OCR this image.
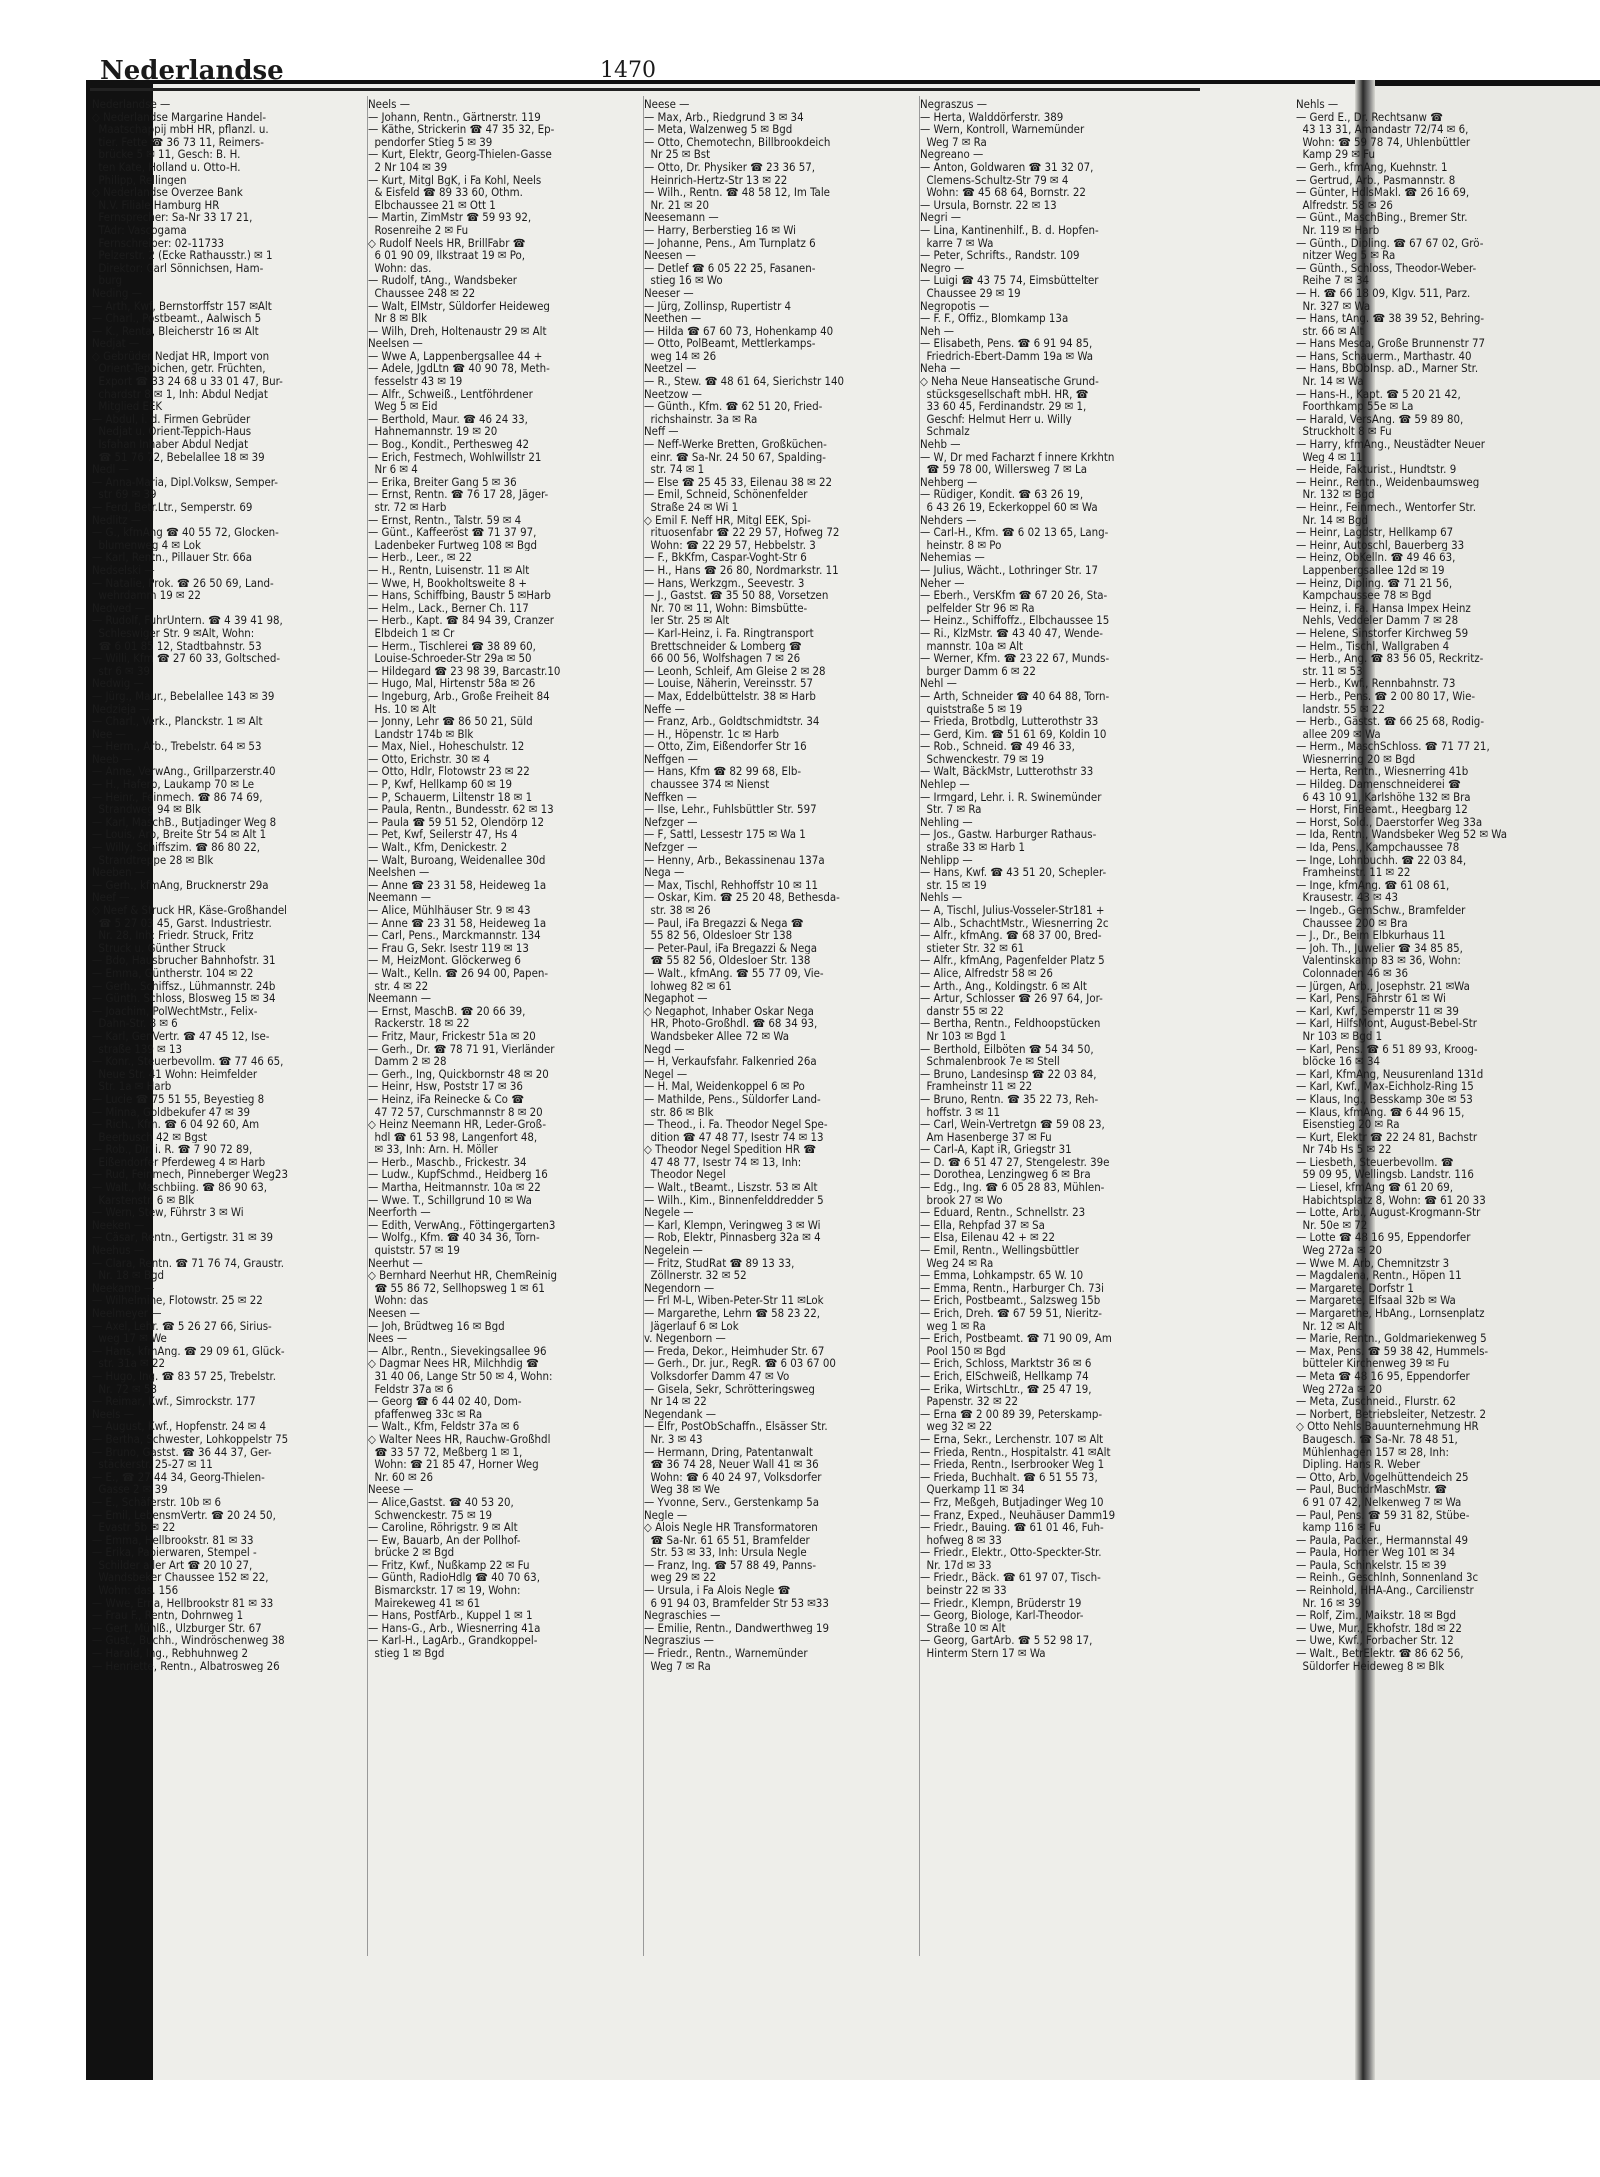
Nederlandse	1470
Nederlandse —
◇ Nederlandse Margarine Handel-
Maatschappij mbH HR, pflanzl. u.
tier. Fette ☎ 36 73 11, Reimers-
brücke 5 ✉ 11, Gesch: B. H.
ten Kate, Holland u. Otto-H.
Philipp, Rellingen
◇ Nederlandse Overzee Bank
N.V. Filiale Hamburg HR
Fernsprecher: Sa-Nr 33 17 21,
TAdr: Vascogama
Fernschreiber: 02-11733
Pelzerstr. 2 (Ecke Rathausstr.) ✉ 1
Direktor: Carl Sönnichsen, Ham-
burg
Neding —
— Arth, Kwf, Bernstorffstr 157 ✉Alt
— Charl., Postbeamt., Aalwisch 5
— K., Renta, Bleicherstr 16 ✉ Alt
Nedjat —
◇ Gebrüder Nedjat HR, Import von
Orient-Teppichen, getr. Früchten,
Export ☎ 33 24 68 u 33 01 47, Bur-
chardstr 8 ✉ 1, Inh: Abdul Nedjat
Mitglied EEK
— Abdul, i. d. Firmen Gebrüder
Nedjat u. Orient-Teppich-Haus
Isfahan Inhaber Abdul Nedjat
☎ 51 76 72, Bebelallee 18 ✉ 39
Nedl —
— Anna-Maria, Dipl.Volksw, Semper-
str 69 ✉ 39
— Ferd, Betr.Ltr., Semperstr. 69
Nedlitz —
— G., kfmAng ☎ 40 55 72, Glocken-
blumenweg 4 ✉ Lok
— Karl, Rentn., Pillauer Str. 66a
Nedselski —
— Natalie, Prok. ☎ 26 50 69, Land-
wehrdamm 19 ✉ 22
Nedved —
— Rudolf, FuhrUntern. ☎ 4 39 41 98,
Schleswiger Str. 9 ✉Alt, Wohn:
☎ 6 01 85 12, Stadtbahnstr. 53
— Willi, Kfm ☎ 27 60 33, Goltsched-
str 6 ✉ 39
Nedwig —
— Jürg., Maur., Bebelallee 143 ✉ 39
Nedzieja —
— Charl., Verk., Planckstr. 1 ✉ Alt
Nee —
— Herm., Arb., Trebelstr. 64 ✉ 53
Neeb —
— Anne, VerwAng., Grillparzerstr.40
— H., Haferb, Laukamp 70 ✉ Le
— Heinr., Feinmech. ☎ 86 74 69,
Strandweg 94 ✉ Blk
— Karl, MaschB., Butjadinger Weg 8
— Louis, Arb, Breite Str 54 ✉ Alt 1
— Willy, Schiffszim. ☎ 86 80 22,
Strandtreppe 28 ✉ Blk
Neeben —
— Gerh., kfmAng, Brucknerstr 29a
Neef —
◇ Neef & Struck HR, Käse-Großhandel
☎ 5 27 03 45, Garst. Industriestr.
Nr. 28, Inh: Friedr. Struck, Fritz
Struck u. Günther Struck
— Bdo, Hausbrucher Bahnhofstr. 31
— Emma, Güntherstr. 104 ✉ 22
— Gerh., Schiffsz., Lühmannstr. 24b
— Günth. Schloss, Blosweg 15 ✉ 34
— Joachim, PolWechtMstr., Felix-
Dahn-Str. 8 ✉ 6
— Karl, GenVertr. ☎ 47 45 12, Ise-
straße 139 ✉ 13
— Konr., Steuerbevollm. ☎ 77 46 65,
Neue Str. 41 Wohn: Heimfelder
Str. 1a ✉ Harb
— Lucie ☎ 75 51 55, Beyestieg 8
— Minna, Goldbekufer 47 ✉ 39
— Rich., Kfm. ☎ 6 04 92 60, Am
Beerbusch 42 ✉ Bgst
— Rob., Dir. i. R. ☎ 7 90 72 89,
Eißendorfer Pferdeweg 4 ✉ Harb
— Rud, Feinmech, Pinneberger Weg23
— Walt., Maschbiing. ☎ 86 90 63,
Karstenstr. 6 ✉ Blk
— Wern, Stew, Führstr 3 ✉ Wi
Neeken —
— Cäsar, Rentn., Gertigstr. 31 ✉ 39
Neehus —
— Clara, Rentn. ☎ 71 76 74, Graustr.
Nr. 18 ✉ Bgd
Neekamp —
— Wilhelmine, Flotowstr. 25 ✉ 22
Neelmeyer —
— Axel, Lehr. ☎ 5 26 27 66, Sirius-
weg 17 ✉ We
— Hans, kfmAng. ☎ 29 09 61, Glück-
str. 31a ✉ 22
— Hugo, Ing. ☎ 83 57 25, Trebelstr.
Nr. 72 ✉ 53
— Reimar, Kwf., Simrockstr. 177
Neels —
— August, Kwf., Hopfenstr. 24 ✉ 4
— Bertha, Schwester, Lohkoppelstr 75
— Bruno, Gastst. ☎ 36 44 37, Ger-
stäckerstr. 25-27 ✉ 11
— E., ☎ 27 44 34, Georg-Thielen-
Gasse 2 ✉ 39
— E., Schäferstr. 10b ✉ 6
— Emil, LebensmVertr. ☎ 20 24 50,
Evastr 5b ✉ 22
— Emma, Hellbrookstr. 81 ✉ 33
— Erika, Papierwaren, Stempel -
Schilder aller Art ☎ 20 10 27,
Wandsbeker Chaussee 152 ✉ 22,
Wohn: das. 156
— Wwe, Erna, Hellbrookstr 81 ✉ 33
— Frau F., Rentn, Dohrnweg 1
— Gert, Mühlß., Ulzburger Str. 67
— Gust., Buchh., Windröschenweg 38
— Harald, Ing., Rebhuhnweg 2
— Henriette, Rentn., Albatrosweg 26
Neels —
— Johann, Rentn., Gärtnerstr. 119
— Käthe, Strickerin ☎ 47 35 32, Ep-
pendorfer Stieg 5 ✉ 39
— Kurt, Elektr, Georg-Thielen-Gasse
2 Nr 104 ✉ 39
— Kurt, Mitgl BgK, i Fa Kohl, Neels
& Eisfeld ☎ 89 33 60, Othm.
Elbchaussee 21 ✉ Ott 1
— Martin, ZimMstr ☎ 59 93 92,
Rosenreihe 2 ✉ Fu
◇ Rudolf Neels HR, BrillFabr ☎
6 01 90 09, Ilkstraat 19 ✉ Po,
Wohn: das.
— Rudolf, tAng., Wandsbeker
Chaussee 248 ✉ 22
— Walt, ElMstr, Süldorfer Heideweg
Nr 8 ✉ Blk
— Wilh, Dreh, Holtenaustr 29 ✉ Alt
Neelsen —
— Wwe A, Lappenbergsallee 44 +
— Adele, JgdLtn ☎ 40 90 78, Meth-
fesselstr 43 ✉ 19
— Alfr., Schweiß., Lentföhrdener
Weg 5 ✉ Eid
— Berthold, Maur. ☎ 46 24 33,
Hahnemannstr. 19 ✉ 20
— Bog., Kondit., Perthesweg 42
— Erich, Festmech, Wohlwillstr 21
Nr 6 ✉ 4
— Erika, Breiter Gang 5 ✉ 36
— Ernst, Rentn. ☎ 76 17 28, Jäger-
str. 72 ✉ Harb
— Ernst, Rentn., Talstr. 59 ✉ 4
— Günt., Kaffeeröst ☎ 71 37 97,
Ladenbeker Furtweg 108 ✉ Bgd
— Herb., Leer., ✉ 22
— H., Rentn, Luisenstr. 11 ✉ Alt
— Wwe, H, Bookholtsweite 8 +
— Hans, Schiffbing, Baustr 5 ✉Harb
— Helm., Lack., Berner Ch. 117
— Herb., Kapt. ☎ 84 94 39, Cranzer
Elbdeich 1 ✉ Cr
— Herm., Tischlerei ☎ 38 89 60,
Louise-Schroeder-Str 29a ✉ 50
— Hildegard ☎ 23 98 39, Barcastr.10
— Hugo, Mal, Hirtenstr 58a ✉ 26
— Ingeburg, Arb., Große Freiheit 84
Hs. 10 ✉ Alt
— Jonny, Lehr ☎ 86 50 21, Süld
Landstr 174b ✉ Blk
— Max, Niel., Hoheschulstr. 12
— Otto, Erichstr. 30 ✉ 4
— Otto, Hdlr, Flotowstr 23 ✉ 22
— P, Kwf, Hellkamp 60 ✉ 19
— P, Schauerm, Liltenstr 18 ✉ 1
— Paula, Rentn., Bundesstr. 62 ✉ 13
— Paula ☎ 59 51 52, Olendörp 12
— Pet, Kwf, Seilerstr 47, Hs 4
— Walt., Kfm, Denickestr. 2
— Walt, Buroang, Weidenallee 30d
Neelshen —
— Anne ☎ 23 31 58, Heideweg 1a
Neemann —
— Alice, Mühlhäuser Str. 9 ✉ 43
— Anne ☎ 23 31 58, Heideweg 1a
— Carl, Pens., Marckmannstr. 134
— Frau G, Sekr. Isestr 119 ✉ 13
— M, HeizMont. Glöckerweg 6
— Walt., Kelln. ☎ 26 94 00, Papen-
str. 4 ✉ 22
Neemann —
— Ernst, MaschB. ☎ 20 66 39,
Rackerstr. 18 ✉ 22
— Fritz, Maur, Frickestr 51a ✉ 20
— Gerh., Dr. ☎ 78 71 91, Vierländer
Damm 2 ✉ 28
— Gerh., Ing, Quickbornstr 48 ✉ 20
— Heinr, Hsw, Poststr 17 ✉ 36
— Heinz, iFa Reinecke & Co ☎
47 72 57, Curschmannstr 8 ✉ 20
◇ Heinz Neemann HR, Leder-Groß-
hdl ☎ 61 53 98, Langenfort 48,
✉ 33, Inh: Arn. H. Möller
— Herb., Maschb., Frickestr. 34
— Ludw., KupfSchmd., Heidberg 16
— Martha, Heitmannstr. 10a ✉ 22
— Wwe. T., Schillgrund 10 ✉ Wa
Neerforth —
— Edith, VerwAng., Föttingergarten3
— Wolfg., Kfm. ☎ 40 34 36, Torn-
quiststr. 57 ✉ 19
Neerhut —
◇ Bernhard Neerhut HR, ChemReinig
☎ 55 86 72, Sellhopsweg 1 ✉ 61
Wohn: das
Neesen —
— Joh, Brüdtweg 16 ✉ Bgd
Nees —
— Albr., Rentn., Sievekingsallee 96
◇ Dagmar Nees HR, Milchhdig ☎
31 40 06, Lange Str 50 ✉ 4, Wohn:
Feldstr 37a ✉ 6
— Georg ☎ 6 44 02 40, Dom-
pfaffenweg 33c ✉ Ra
— Walt., Kfm, Feldstr 37a ✉ 6
◇ Walter Nees HR, Rauchw-Großhdl
☎ 33 57 72, Meßberg 1 ✉ 1,
Wohn: ☎ 21 85 47, Horner Weg
Nr. 60 ✉ 26
Neese —
— Alice,Gastst. ☎ 40 53 20,
Schwenckestr. 75 ✉ 19
— Caroline, Röhrigstr. 9 ✉ Alt
— Ew, Bauarb, An der Pollhof-
brücke 2 ✉ Bgd
— Fritz, Kwf., Nußkamp 22 ✉ Fu
— Günth, RadioHdlg ☎ 40 70 63,
Bismarckstr. 17 ✉ 19, Wohn:
Mairekeweg 41 ✉ 61
— Hans, PostfArb., Kuppel 1 ✉ 1
— Hans-G., Arb., Wiesnerring 41a
— Karl-H., LagArb., Grandkoppel-
stieg 1 ✉ Bgd
Neese —
— Max, Arb., Riedgrund 3 ✉ 34
— Meta, Walzenweg 5 ✉ Bgd
— Otto, Chemotechn, Billbrookdeich
Nr 25 ✉ Bst
— Otto, Dr. Physiker ☎ 23 36 57,
Heinrich-Hertz-Str 13 ✉ 22
— Wilh., Rentn. ☎ 48 58 12, Im Tale
Nr. 21 ✉ 20
Neesemann —
— Harry, Berberstieg 16 ✉ Wi
— Johanne, Pens., Am Turnplatz 6
Neesen —
— Detlef ☎ 6 05 22 25, Fasanen-
stieg 16 ✉ Wo
Neeser —
— Jürg, Zollinsp, Rupertistr 4
Neethen —
— Hilda ☎ 67 60 73, Hohenkamp 40
— Otto, PolBeamt, Mettlerkamps-
weg 14 ✉ 26
Neetzel —
— R., Stew. ☎ 48 61 64, Sierichstr 140
Neetzow —
— Günth., Kfm. ☎ 62 51 20, Fried-
richshainstr. 3a ✉ Ra
Neff —
— Neff-Werke Bretten, Großküchen-
einr. ☎ Sa-Nr. 24 50 67, Spalding-
str. 74 ✉ 1
— Else ☎ 25 45 33, Eilenau 38 ✉ 22
— Emil, Schneid, Schönenfelder
Straße 24 ✉ Wi 1
◇ Emil F. Neff HR, Mitgl EEK, Spi-
rituosenfabr ☎ 22 29 57, Hofweg 72
Wohn: ☎ 22 29 57, Hebbelstr. 3
— F., BkKfm, Caspar-Voght-Str 6
— H., Hans ☎ 26 80, Nordmarkstr. 11
— Hans, Werkzgm., Seevestr. 3
— J., Gastst. ☎ 35 50 88, Vorsetzen
Nr. 70 ✉ 11, Wohn: Bimsbütte-
ler Str. 25 ✉ Alt
— Karl-Heinz, i. Fa. Ringtransport
Brettschneider & Lomberg ☎
66 00 56, Wolfshagen 7 ✉ 26
— Leonh, Schleif, Am Gleise 2 ✉ 28
— Louise, Näherin, Vereinsstr. 57
— Max, Eddelbüttelstr. 38 ✉ Harb
Neffe —
— Franz, Arb., Goldtschmidtstr. 34
— H., Höpenstr. 1c ✉ Harb
— Otto, Zim, Eißendorfer Str 16
Neffgen —
— Hans, Kfm ☎ 82 99 68, Elb-
chaussee 374 ✉ Nienst
Neffken —
— Ilse, Lehr., Fuhlsbüttler Str. 597
Nefzger —
— F, Sattl, Lessestr 175 ✉ Wa 1
Nefzger —
— Henny, Arb., Bekassinenau 137a
Nega —
— Max, Tischl, Rehhoffstr 10 ✉ 11
— Oskar, Kim. ☎ 25 20 48, Bethesda-
str. 38 ✉ 26
— Paul, iFa Bregazzi & Nega ☎
55 82 56, Oldesloer Str 138
— Peter-Paul, iFa Bregazzi & Nega
☎ 55 82 56, Oldesloer Str. 138
— Walt., kfmAng. ☎ 55 77 09, Vie-
lohweg 82 ✉ 61
Negaphot —
◇ Negaphot, Inhaber Oskar Nega
HR, Photo-Großhdl. ☎ 68 34 93,
Wandsbeker Allee 72 ✉ Wa
Negd —
— H, Verkaufsfahr. Falkenried 26a
Negel —
— H. Mal, Weidenkoppel 6 ✉ Po
— Mathilde, Pens., Süldorfer Land-
str. 86 ✉ Blk
— Theod., i. Fa. Theodor Negel Spe-
dition ☎ 47 48 77, Isestr 74 ✉ 13
◇ Theodor Negel Spedition HR ☎
47 48 77, Isestr 74 ✉ 13, Inh:
Theodor Negel
— Walt., tBeamt., Liszstr. 53 ✉ Alt
— Wilh., Kim., Binnenfelddredder 5
Negele —
— Karl, Klempn, Veringweg 3 ✉ Wi
— Rob, Elektr, Pinnasberg 32a ✉ 4
Negelein —
— Fritz, StudRat ☎ 89 13 33,
Zöllnerstr. 32 ✉ 52
Negendorn —
— Frl M-L, Wiben-Peter-Str 11 ✉Lok
— Margarethe, Lehrn ☎ 58 23 22,
Jägerlauf 6 ✉ Lok
v. Negenborn —
— Freda, Dekor., Heimhuder Str. 67
— Gerh., Dr. jur., RegR. ☎ 6 03 67 00
Volksdorfer Damm 47 ✉ Vo
— Gisela, Sekr, Schrötteringsweg
Nr 14 ✉ 22
Negendank —
— Elfr, PostObSchaffn., Elsässer Str.
Nr. 3 ✉ 43
— Hermann, Dring, Patentanwalt
☎ 36 74 28, Neuer Wall 41 ✉ 36
Wohn: ☎ 6 40 24 97, Volksdorfer
Weg 38 ✉ We
— Yvonne, Serv., Gerstenkamp 5a
Negle —
◇ Alois Negle HR Transformatoren
☎ Sa-Nr. 61 65 51, Bramfelder
Str. 53 ✉ 33, Inh: Ursula Negle
— Franz, Ing. ☎ 57 88 49, Panns-
weg 29 ✉ 22
— Ursula, i Fa Alois Negle ☎
6 91 94 03, Bramfelder Str 53 ✉33
Negraschies —
— Emilie, Rentn., Dandwerthweg 19
Negraszius —
— Friedr., Rentn., Warnemünder
Weg 7 ✉ Ra
Negraszus —
— Herta, Walddörferstr. 389
— Wern, Kontroll, Warnemünder
Weg 7 ✉ Ra
Negreano —
— Anton, Goldwaren ☎ 31 32 07,
Clemens-Schultz-Str 79 ✉ 4
Wohn: ☎ 45 68 64, Bornstr. 22
— Ursula, Bornstr. 22 ✉ 13
Negri —
— Lina, Kantinenhilf., B. d. Hopfen-
karre 7 ✉ Wa
— Peter, Schrifts., Randstr. 109
Negro —
— Luigi ☎ 43 75 74, Eimsbüttelter
Chaussee 29 ✉ 19
Negropotis —
— F. F., Offiz., Blomkamp 13a
Neh —
— Elisabeth, Pens. ☎ 6 91 94 85,
Friedrich-Ebert-Damm 19a ✉ Wa
Neha —
◇ Neha Neue Hanseatische Grund-
stücksgesellschaft mbH. HR, ☎
33 60 45, Ferdinandstr. 29 ✉ 1,
Geschf: Helmut Herr u. Willy
Schmalz
Nehb —
— W, Dr med Facharzt f innere Krkhtn
☎ 59 78 00, Willersweg 7 ✉ La
Nehberg —
— Rüdiger, Kondit. ☎ 63 26 19,
6 43 26 19, Eckerkoppel 60 ✉ Wa
Nehders —
— Carl-H., Kfm. ☎ 6 02 13 65, Lang-
heinstr. 8 ✉ Po
Nehemias —
— Julius, Wächt., Lothringer Str. 17
Neher —
— Eberh., VersKfm ☎ 67 20 26, Sta-
pelfelder Str 96 ✉ Ra
— Heinz., Schiffoffz., Elbchaussee 15
— Ri., KlzMstr. ☎ 43 40 47, Wende-
mannstr. 10a ✉ Alt
— Werner, Kfm. ☎ 23 22 67, Munds-
burger Damm 6 ✉ 22
Nehl —
— Arth, Schneider ☎ 40 64 88, Torn-
quiststraße 5 ✉ 19
— Frieda, Brotbdlg, Lutterothstr 33
— Gerd, Kim. ☎ 51 61 69, Koldin 10
— Rob., Schneid. ☎ 49 46 33,
Schwenckestr. 79 ✉ 19
— Walt, BäckMstr, Lutterothstr 33
Nehlep —
— Irmgard, Lehr. i. R. Swinemünder
Str. 7 ✉ Ra
Nehling —
— Jos., Gastw. Harburger Rathaus-
straße 33 ✉ Harb 1
Nehlipp —
— Hans, Kwf. ☎ 43 51 20, Schepler-
str. 15 ✉ 19
Nehls —
— A, Tischl, Julius-Vosseler-Str181 +
— Alb., SchachtMstr., Wiesnerring 2c
— Alfr., kfmAng. ☎ 68 37 00, Bred-
stieter Str. 32 ✉ 61
— Alfr., kfmAng, Pagenfelder Platz 5
— Alice, Alfredstr 58 ✉ 26
— Arth., Ang., Koldingstr. 6 ✉ Alt
— Artur, Schlosser ☎ 26 97 64, Jor-
danstr 55 ✉ 22
— Bertha, Rentn., Feldhoopstücken
Nr 103 ✉ Bgd 1
— Berthold, Eilböten ☎ 54 34 50,
Schmalenbrook 7e ✉ Stell
— Bruno, Landesinsp ☎ 22 03 84,
Framheinstr 11 ✉ 22
— Bruno, Rentn. ☎ 35 22 73, Reh-
hoffstr. 3 ✉ 11
— Carl, Wein-Vertretgn ☎ 59 08 23,
Am Hasenberge 37 ✉ Fu
— Carl-A, Kapt iR, Griegstr 31
— D. ☎ 6 51 47 27, Stengelestr. 39e
— Dorothea, Lenzingweg 6 ✉ Bra
— Edg., Ing. ☎ 6 05 28 83, Mühlen-
brook 27 ✉ Wo
— Eduard, Rentn., Schnellstr. 23
— Ella, Rehpfad 37 ✉ Sa
— Elsa, Eilenau 42 + ✉ 22
— Emil, Rentn., Wellingsbüttler
Weg 24 ✉ Ra
— Emma, Lohkampstr. 65 W. 10
— Emma, Rentn., Harburger Ch. 73i
— Erich, Postbeamt., Salzsweg 15b
— Erich, Dreh. ☎ 67 59 51, Nieritz-
weg 1 ✉ Ra
— Erich, Postbeamt. ☎ 71 90 09, Am
Pool 150 ✉ Bgd
— Erich, Schloss, Marktstr 36 ✉ 6
— Erich, ElSchweiß, Hellkamp 74
— Erika, WirtschLtr., ☎ 25 47 19,
Papenstr. 32 ✉ 22
— Erna ☎ 2 00 89 39, Peterskamp-
weg 32 ✉ 22
— Erna, Sekr., Lerchenstr. 107 ✉ Alt
— Frieda, Rentn., Hospitalstr. 41 ✉Alt
— Frieda, Rentn., Iserbrooker Weg 1
— Frieda, Buchhalt. ☎ 6 51 55 73,
Querkamp 11 ✉ 34
— Frz, Meßgeh, Butjadinger Weg 10
— Franz, Exped., Neuhäuser Damm19
— Friedr., Bauing. ☎ 61 01 46, Fuh-
hofweg 8 ✉ 33
— Friedr., Elektr., Otto-Speckter-Str.
Nr. 17d ✉ 33
— Friedr., Bäck. ☎ 61 97 07, Tisch-
beinstr 22 ✉ 33
— Friedr., Klempn, Brüderstr 19
— Georg, Biologe, Karl-Theodor-
Straße 10 ✉ Alt
— Georg, GartArb. ☎ 5 52 98 17,
Hinterm Stern 17 ✉ Wa
Nehls —
— Gerd E., Dr. Rechtsanw ☎
43 13 31, Amandastr 72/74 ✉ 6,
Wohn: ☎ 59 78 74, Uhlenbüttler
Kamp 29 ✉ Fu
— Gerh., kfmAng, Kuehnstr. 1
— Gertrud, Arb., Pasmannstr. 8
— Günter, HdlsMakl. ☎ 26 16 69,
Alfredstr. 58 ✉ 26
— Günt., MaschBing., Bremer Str.
Nr. 119 ✉ Harb
— Günth., Dipling. ☎ 67 67 02, Grö-
nitzer Weg 5 ✉ Ra
— Günth., Schloss, Theodor-Weber-
Reihe 7 ✉ 34
— H. ☎ 66 18 09, Klgv. 511, Parz.
Nr. 327 ✉ Wa
— Hans, tAng. ☎ 38 39 52, Behring-
str. 66 ✉ Alt
— Hans Mesca, Große Brunnenstr 77
— Hans, Schauerm., Marthastr. 40
— Hans, BbObInsp. aD., Marner Str.
Nr. 14 ✉ Wa
— Hans-H., Kapt. ☎ 5 20 21 42,
Foorthkamp 55e ✉ La
— Harald, VersAng. ☎ 59 89 80,
Struckholt 8 ✉ Fu
— Harry, kfmAng., Neustädter Neuer
Weg 4 ✉ 11
— Heide, Fakturist., Hundtstr. 9
— Heinr., Rentn., Weidenbaumsweg
Nr. 132 ✉ Bgd
— Heinr., Feinmech., Wentorfer Str.
Nr. 14 ✉ Bgd
— Heinr, Lagdstr, Hellkamp 67
— Heinr, Autoschl, Bauerberg 33
— Heinz, ObKelln. ☎ 49 46 63,
Lappenbergsallee 12d ✉ 19
— Heinz, Dipling. ☎ 71 21 56,
Kampchaussee 78 ✉ Bgd
— Heinz, i. Fa. Hansa Impex Heinz
Nehls, Veddeler Damm 7 ✉ 28
— Helene, Sinstorfer Kirchweg 59
— Helm., Tischl, Wallgraben 4
— Herb., Ang. ☎ 83 56 05, Reckritz-
str. 11 ✉ 53
— Herb., Kwf., Rennbahnstr. 73
— Herb., Pens. ☎ 2 00 80 17, Wie-
landstr. 55 ✉ 22
— Herb., Gästst. ☎ 66 25 68, Rodig-
allee 209 ✉ Wa
— Herm., MaschSchloss. ☎ 71 77 21,
Wiesnerring 20 ✉ Bgd
— Herta, Rentn., Wiesnerring 41b
— Hildeg. Damenschneiderei ☎
6 43 10 91, Karlshöhe 132 ✉ Bra
— Horst, FinBeamt., Heegbarg 12
— Horst, Sold., Daerstorfer Weg 33a
— Ida, Rentn., Wandsbeker Weg 52 ✉ Wa
— Ida, Pens., Kampchaussee 78
— Inge, Lohnbuchh. ☎ 22 03 84,
Framheinstr. 11 ✉ 22
— Inge, kfmAng. ☎ 61 08 61,
Krausestr. 43 ✉ 43
— Ingeb., GemSchw., Bramfelder
Chaussee 200 ✉ Bra
— J., Dr., Beim Elbkurhaus 11
— Joh. Th., Juwelier ☎ 34 85 85,
Valentinskamp 83 ✉ 36, Wohn:
Colonnaden 46 ✉ 36
— Jürgen, Arb., Josephstr. 21 ✉Wa
— Karl, Pens, Fährstr 61 ✉ Wi
— Karl, Kwf, Semperstr 11 ✉ 39
— Karl, HilfsMont, August-Bebel-Str
Nr 103 ✉ Bgd 1
— Karl, Pens. ☎ 6 51 89 93, Kroog-
blöcke 16 ✉ 34
— Karl, KfmAng, Neusurenland 131d
— Karl, Kwf., Max-Eichholz-Ring 15
— Klaus, Ing., Besskamp 30e ✉ 53
— Klaus, kfmAng. ☎ 6 44 96 15,
Eisenstieg 20 ✉ Ra
— Kurt, Elektr ☎ 22 24 81, Bachstr
Nr 74b Hs 5 ✉ 22
— Liesbeth, Steuerbevollm. ☎
59 09 95, Wellingsb. Landstr. 116
— Liesel, kfmAng ☎ 61 20 69,
Habichtsplatz 8, Wohn: ☎ 61 20 33
— Lotte, Arb., August-Krogmann-Str
Nr. 50e ✉ 72
— Lotte ☎ 48 16 95, Eppendorfer
Weg 272a ✉ 20
— Wwe M. Arb, Chemnitzstr 3
— Magdalena, Rentn., Höpen 11
— Margarete, Dorfstr 1
— Margarete, Elfsaal 32b ✉ Wa
— Margarethe, HbAng., Lornsenplatz
Nr. 12 ✉ Alt
— Marie, Rentn., Goldmariekenweg 5
— Max, Pens. ☎ 59 38 42, Hummels-
bütteler Kirchenweg 39 ✉ Fu
— Meta ☎ 48 16 95, Eppendorfer
Weg 272a ✉ 20
— Meta, Zuschneid., Flurstr. 62
— Norbert, Betriebsleiter, Netzestr. 2
◇ Otto Nehls Bauunternehmung HR
Baugesch. ☎ Sa-Nr. 78 48 51,
Mühlenhagen 157 ✉ 28, Inh:
Dipling. Hans R. Weber
— Otto, Arb, Vogelhüttendeich 25
— Paul, BuchdrMaschMstr. ☎
6 91 07 42, Nelkenweg 7 ✉ Wa
— Paul, Pens. ☎ 59 31 82, Stübe-
kamp 116 ✉ Fu
— Paula, Packer., Hermannstal 49
— Paula, Horner Weg 101 ✉ 34
— Paula, Schinkelstr. 15 ✉ 39
— Reinh., Geschlnh, Sonnenland 3c
— Reinhold, HHA-Ang., Carcilienstr
Nr. 16 ✉ 39
— Rolf, Zim., Maikstr. 18 ✉ Bgd
— Uwe, Mur., Ekhofstr. 18d ✉ 22
— Uwe, Kwf., Forbacher Str. 12
— Walt., BetrElektr. ☎ 86 62 56,
Süldorfer Heideweg 8 ✉ Blk
